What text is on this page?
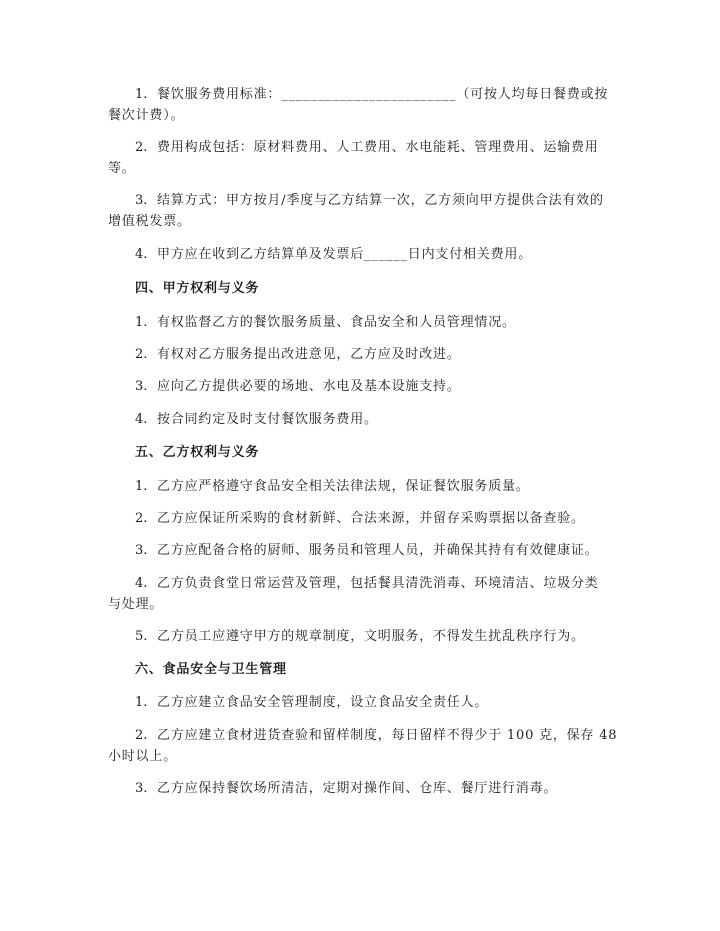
1. 餐饮服务费用标准：________________________（可按人均每日餐费或按
餐次计费）。
2. 费用构成包括：原材料费用、人工费用、水电能耗、管理费用、运输费用
等。
3. 结算方式：甲方按月/季度与乙方结算一次，乙方须向甲方提供合法有效的
增值税发票。
4. 甲方应在收到乙方结算单及发票后______日内支付相关费用。
四、甲方权利与义务
1. 有权监督乙方的餐饮服务质量、食品安全和人员管理情况。
2. 有权对乙方服务提出改进意见，乙方应及时改进。
3. 应向乙方提供必要的场地、水电及基本设施支持。
4. 按合同约定及时支付餐饮服务费用。
五、乙方权利与义务
1. 乙方应严格遵守食品安全相关法律法规，保证餐饮服务质量。
2. 乙方应保证所采购的食材新鲜、合法来源，并留存采购票据以备查验。
3. 乙方应配备合格的厨师、服务员和管理人员，并确保其持有有效健康证。
4. 乙方负责食堂日常运营及管理，包括餐具清洗消毒、环境清洁、垃圾分类
与处理。
5. 乙方员工应遵守甲方的规章制度，文明服务，不得发生扰乱秩序行为。
六、食品安全与卫生管理
1. 乙方应建立食品安全管理制度，设立食品安全责任人。
2. 乙方应建立食材进货查验和留样制度，每日留样不得少于 100 克，保存 48
小时以上。
3. 乙方应保持餐饮场所清洁，定期对操作间、仓库、餐厅进行消毒。
